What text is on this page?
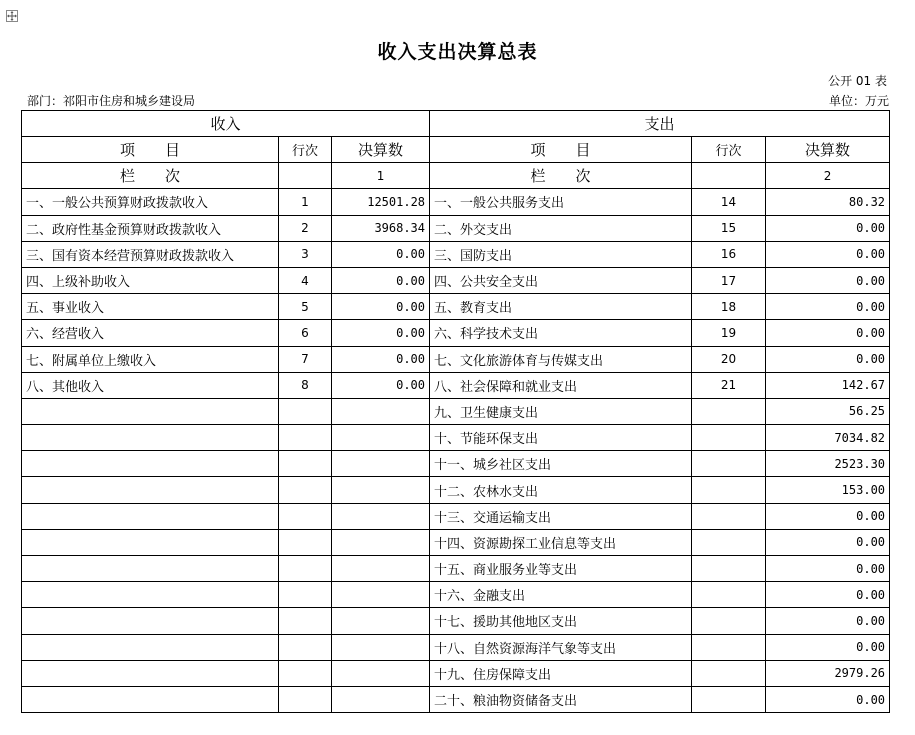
收入支出决算总表
部门：祁阳市住房和城乡建设局
公开 01 表
单位：万元
收入			支出		
项　　目	行次	决算数	项　　目	行次	决算数
栏　　次		1	栏　　次		2
一、一般公共预算财政拨款收入	1	12501.28	一、一般公共服务支出	14	80.32
二、政府性基金预算财政拨款收入	2	3968.34	二、外交支出	15	0.00
三、国有资本经营预算财政拨款收入	3	0.00	三、国防支出	16	0.00
四、上级补助收入	4	0.00	四、公共安全支出	17	0.00
五、事业收入	5	0.00	五、教育支出	18	0.00
六、经营收入	6	0.00	六、科学技术支出	19	0.00
七、附属单位上缴收入	7	0.00	七、文化旅游体育与传媒支出	20	0.00
八、其他收入	8	0.00	八、社会保障和就业支出	21	142.67
			九、卫生健康支出		56.25
			十、节能环保支出		7034.82
			十一、城乡社区支出		2523.30
			十二、农林水支出		153.00
			十三、交通运输支出		0.00
			十四、资源勘探工业信息等支出		0.00
			十五、商业服务业等支出		0.00
			十六、金融支出		0.00
			十七、援助其他地区支出		0.00
			十八、自然资源海洋气象等支出		0.00
			十九、住房保障支出		2979.26
			二十、粮油物资储备支出		0.00
